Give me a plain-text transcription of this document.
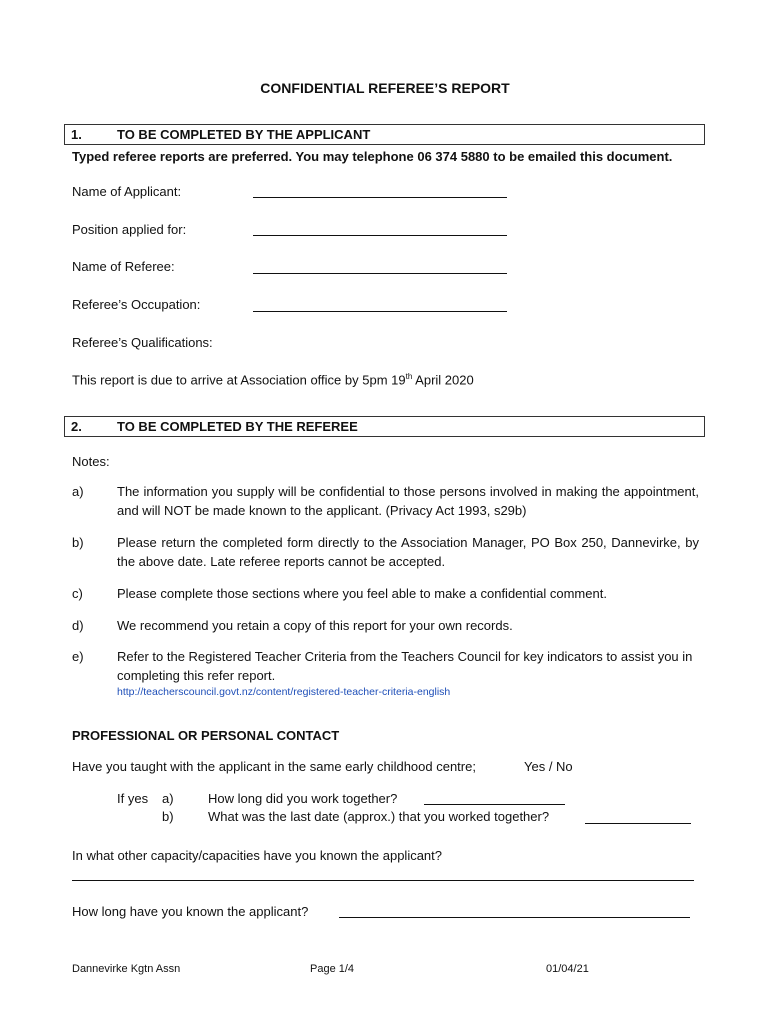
CONFIDENTIAL REFEREE’S REPORT
1.	TO BE COMPLETED BY THE APPLICANT
Typed referee reports are preferred. You may telephone 06 374 5880 to be emailed this document.
Name of Applicant:
Position applied for:
Name of Referee:
Referee’s Occupation:
Referee’s Qualifications:
This report is due to arrive at Association office by 5pm 19th April 2020
2.	TO BE COMPLETED BY THE REFEREE
Notes:
a)	The information you supply will be confidential to those persons involved in making the appointment, and will NOT be made known to the applicant. (Privacy Act 1993, s29b)
b)	Please return the completed form directly to the Association Manager, PO Box 250, Dannevirke, by the above date. Late referee reports cannot be accepted.
c)	Please complete those sections where you feel able to make a confidential comment.
d)	We recommend you retain a copy of this report for your own records.
e)	Refer to the Registered Teacher Criteria from the Teachers Council for key indicators to assist you in completing this refer report.
http://teacherscouncil.govt.nz/content/registered-teacher-criteria-english
PROFESSIONAL OR PERSONAL CONTACT
Have you taught with the applicant in the same early childhood centre;	Yes / No
If yes a)	How long did you work together?
b)	What was the last date (approx.) that you worked together?
In what other capacity/capacities have you known the applicant?
How long have you known the applicant?
Dannevirke Kgtn Assn	Page 1/4	01/04/21
